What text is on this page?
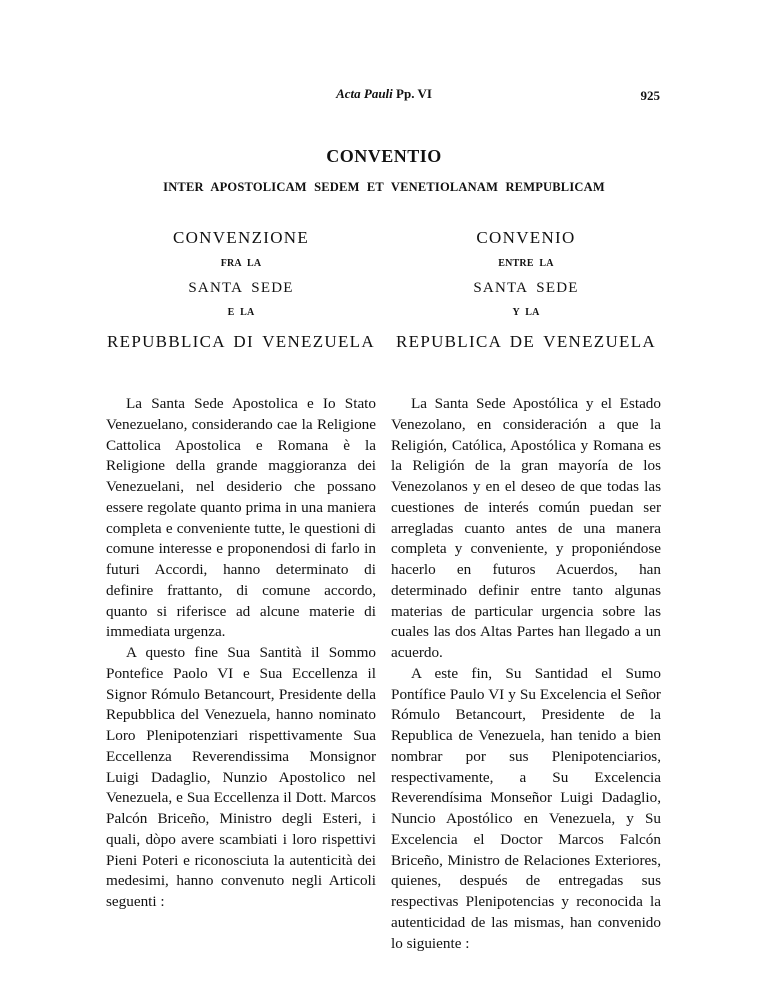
Acta Pauli Pp. VI	925
CONVENTIO
INTER APOSTOLICAM SEDEM ET VENETIOLANAM REMPUBLICAM
CONVENZIONE
FRA LA
SANTA SEDE
E LA
REPUBBLICA DI VENEZUELA
CONVENIO
ENTRE LA
SANTA SEDE
Y LA
REPUBLICA DE VENEZUELA

La Santa Sede Apostolica e Io Stato Venezuelano, considerando cae la Religione Cattolica Apostolica e Romana è la Religione della grande maggioranza dei Venezuelani, nel desiderio che possano essere regolate quanto prima in una maniera completa e conveniente tutte, le questioni di comune interesse e proponendosi di farlo in futuri Accordi, hanno determinato di definire frattanto, di comune accordo, quanto si riferisce ad alcune materie di immediata urgenza.

A questo fine Sua Santità il Sommo Pontefice Paolo VI e Sua Eccellenza il Signor Rómulo Betancourt, Presidente della Repubblica del Venezuela, hanno nominato Loro Plenipotenziari rispettivamente Sua Eccellenza Reverendissima Monsignor Luigi Dadaglio, Nunzio Apostolico nel Venezuela, e Sua Eccellenza il Dott. Marcos Palcón Briceño, Ministro degli Esteri, i quali, dòpo avere scambiati i loro rispettivi Pieni Poteri e riconosciuta la autenticità dei medesimi, hanno convenuto negli Articoli seguenti :

La Santa Sede Apostólica y el Estado Venezolano, en consideración a que la Religión, Católica, Apostólica y Romana es la Religión de la gran mayoría de los Venezolanos y en el deseo de que todas las cuestiones de interés común puedan ser arregladas cuanto antes de una manera completa y conveniente, y proponiéndose hacerlo en futuros Acuerdos, han determinado definir entre tanto algunas materias de particular urgencia sobre las cuales las dos Altas Partes han llegado a un acuerdo.

A este fin, Su Santidad el Sumo Pontífice Paulo VI y Su Excelencia el Señor Rómulo Betancourt, Presidente de la Republica de Venezuela, han tenido a bien nombrar por sus Plenipotenciarios, respectivamente, a Su Excelencia Reverendísima Monseñor Luigi Dadaglio, Nuncio Apostólico en Venezuela, y Su Excelencia el Doctor Marcos Falcón Briceño, Ministro de Relaciones Exteriores, quienes, después de entregadas sus respectivas Plenipotencias y reconocida la autenticidad de las mismas, han convenido lo siguiente :
